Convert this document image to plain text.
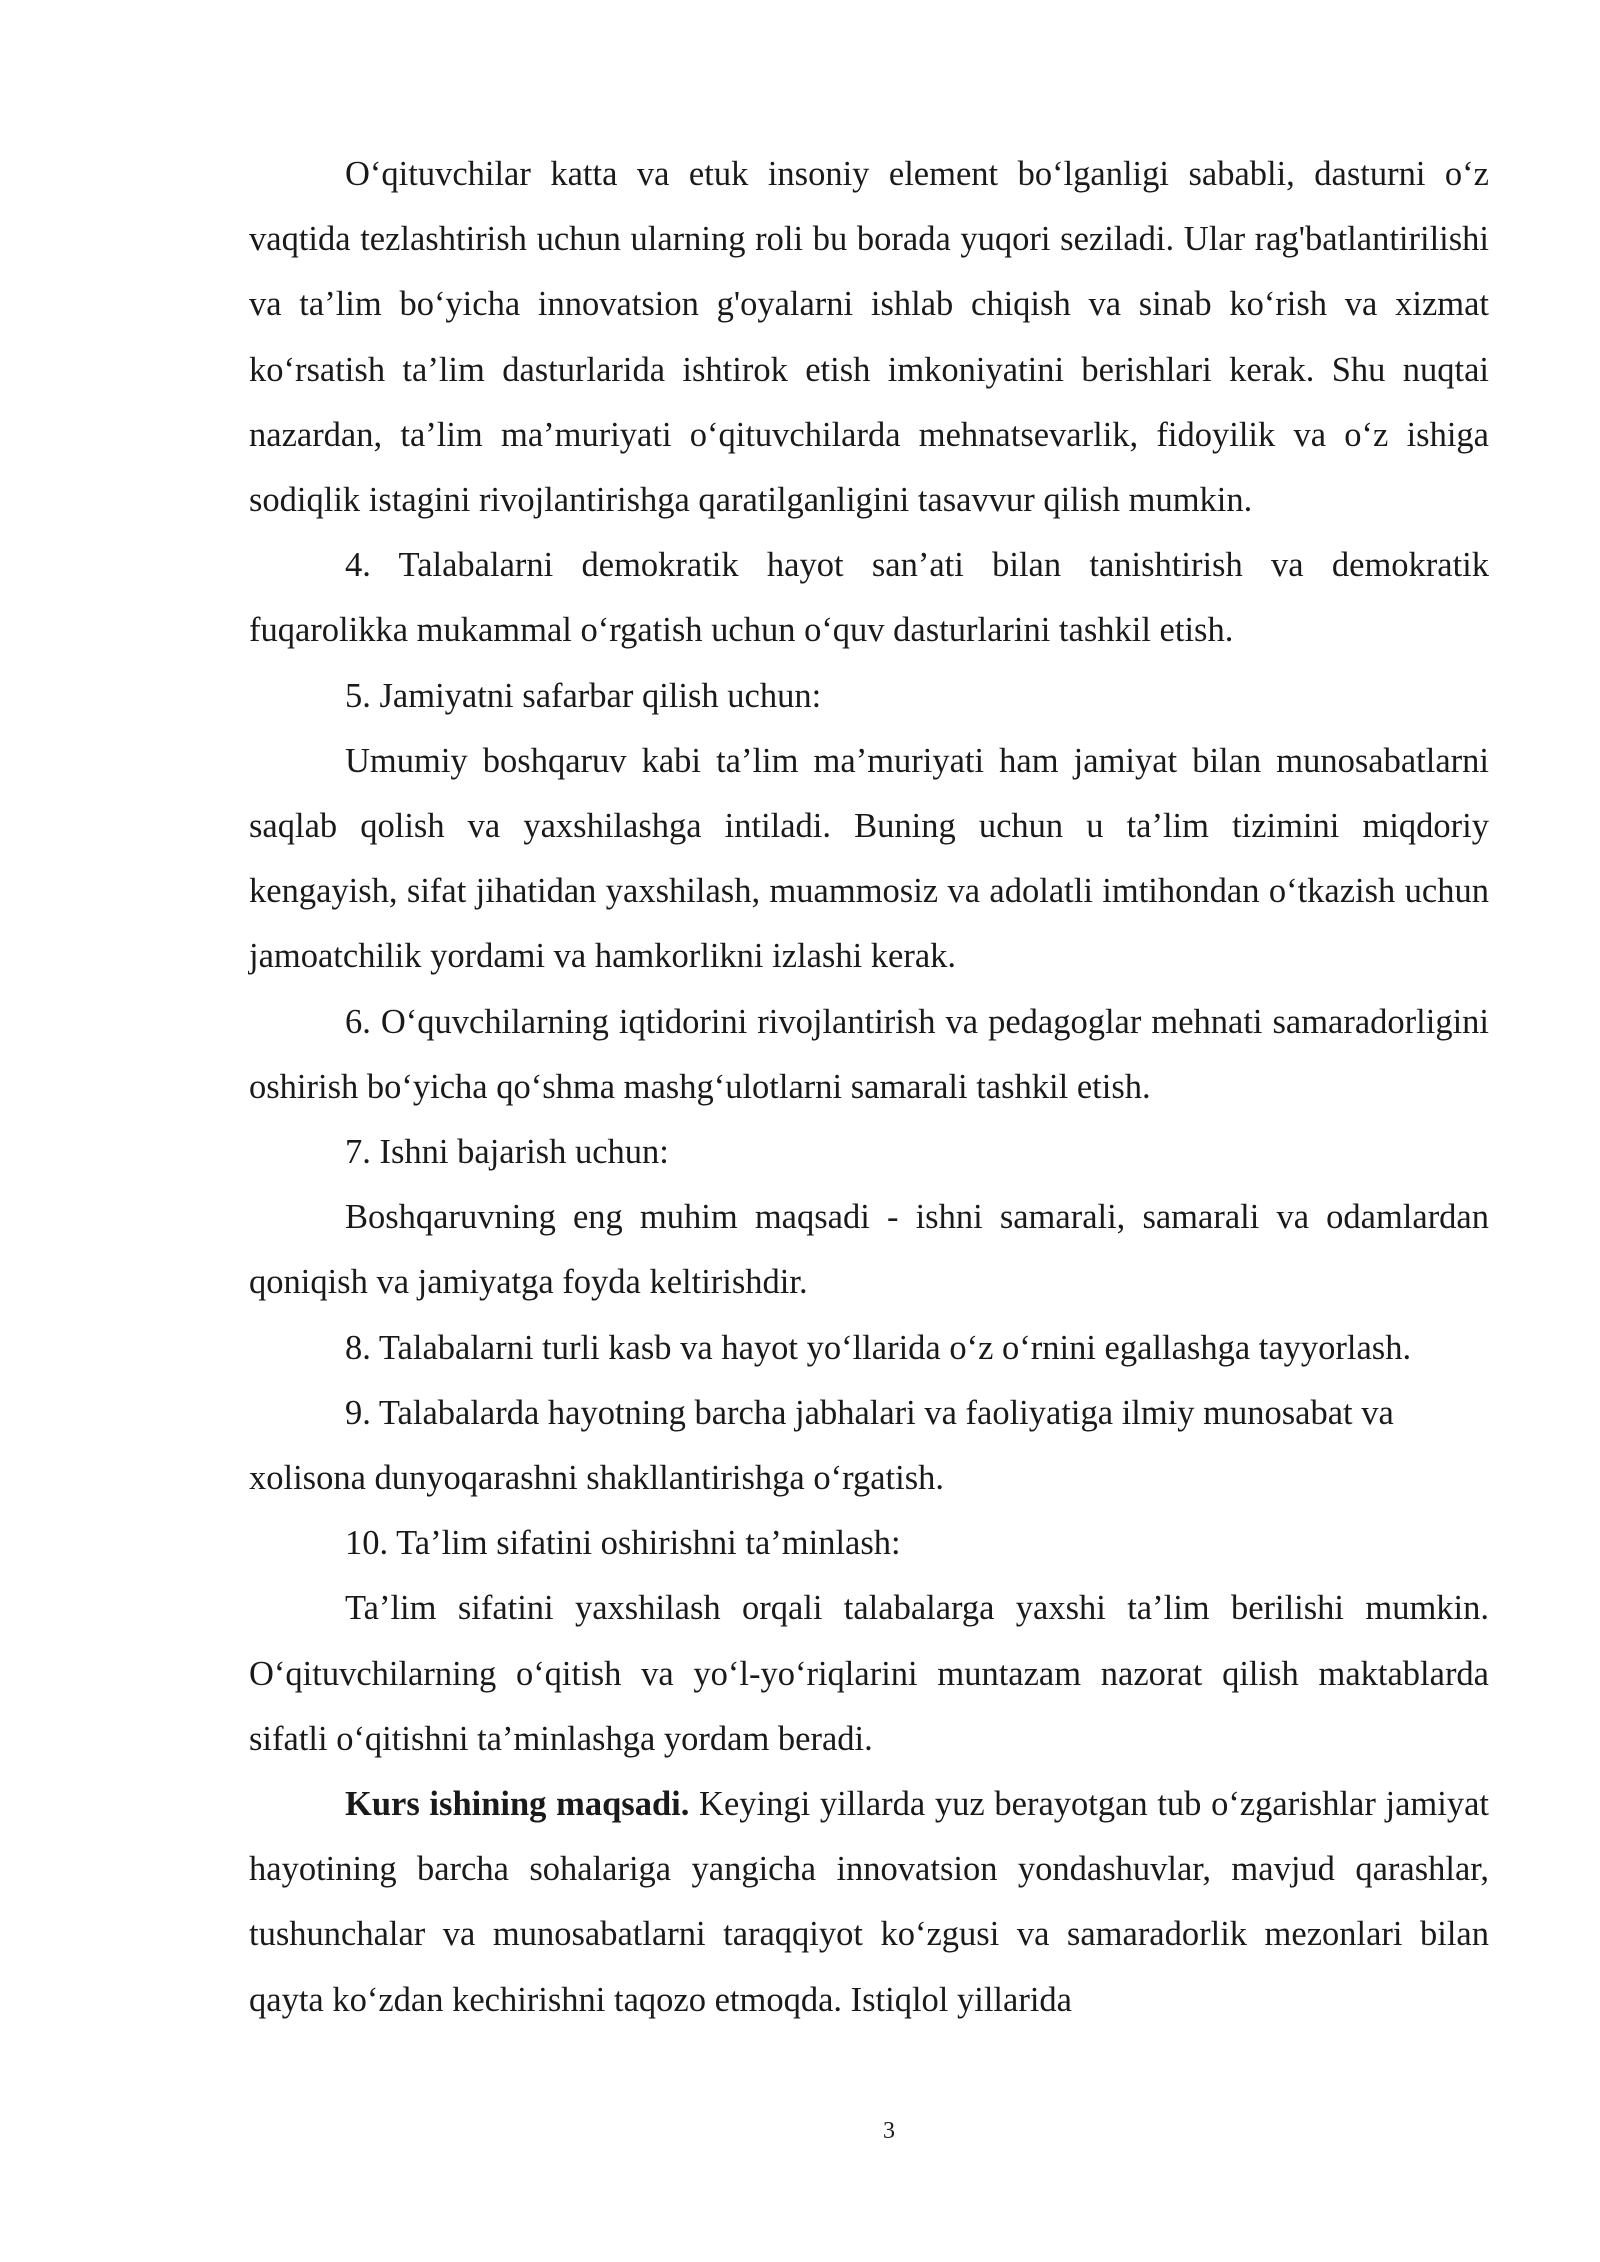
O‘qituvchilar katta va etuk insoniy element bo‘lganligi sababli, dasturni o‘z vaqtida tezlashtirish uchun ularning roli bu borada yuqori seziladi. Ular rag'batlantirilishi va ta’lim bo‘yicha innovatsion g'oyalarni ishlab chiqish va sinab ko‘rish va xizmat ko‘rsatish ta’lim dasturlarida ishtirok etish imkoniyatini berishlari kerak. Shu nuqtai nazardan, ta’lim ma’muriyati o‘qituvchilarda mehnatsevarlik, fidoyilik va o‘z ishiga sodiqlik istagini rivojlantirishga qaratilganligini tasavvur qilish mumkin.

4. Talabalarni demokratik hayot san’ati bilan tanishtirish va demokratik fuqarolikka mukammal o‘rgatish uchun o‘quv dasturlarini tashkil etish.

5. Jamiyatni safarbar qilish uchun:

Umumiy boshqaruv kabi ta’lim ma’muriyati ham jamiyat bilan munosabatlarni saqlab qolish va yaxshilashga intiladi. Buning uchun u ta’lim tizimini miqdoriy kengayish, sifat jihatidan yaxshilash, muammosiz va adolatli imtihondan o‘tkazish uchun jamoatchilik yordami va hamkorlikni izlashi kerak.

6. O‘quvchilarning iqtidorini rivojlantirish va pedagoglar mehnati samaradorligini oshirish bo‘yicha qo‘shma mashg‘ulotlarni samarali tashkil etish.

7. Ishni bajarish uchun:

Boshqaruvning eng muhim maqsadi - ishni samarali, samarali va odamlardan qoniqish va jamiyatga foyda keltirishdir.

8. Talabalarni turli kasb va hayot yo‘llarida o‘z o‘rnini egallashga tayyorlash.

9. Talabalarda hayotning barcha jabhalari va faoliyatiga ilmiy munosabat va xolisona dunyoqarashni shakllantirishga o‘rgatish.

10. Ta’lim sifatini oshirishni ta’minlash:

Ta’lim sifatini yaxshilash orqali talabalarga yaxshi ta’lim berilishi mumkin. O‘qituvchilarning o‘qitish va yo‘l-yo‘riqlarini muntazam nazorat qilish maktablarda sifatli o‘qitishni ta’minlashga yordam beradi.

Kurs ishining maqsadi. Keyingi yillarda yuz berayotgan tub o‘zgarishlar jamiyat hayotining barcha sohalariga yangicha innovatsion yondashuvlar, mavjud qarashlar, tushunchalar va munosabatlarni taraqqiyot ko‘zgusi va samaradorlik mezonlari bilan qayta ko‘zdan kechirishni taqozo etmoqda. Istiqlol yillarida

3
